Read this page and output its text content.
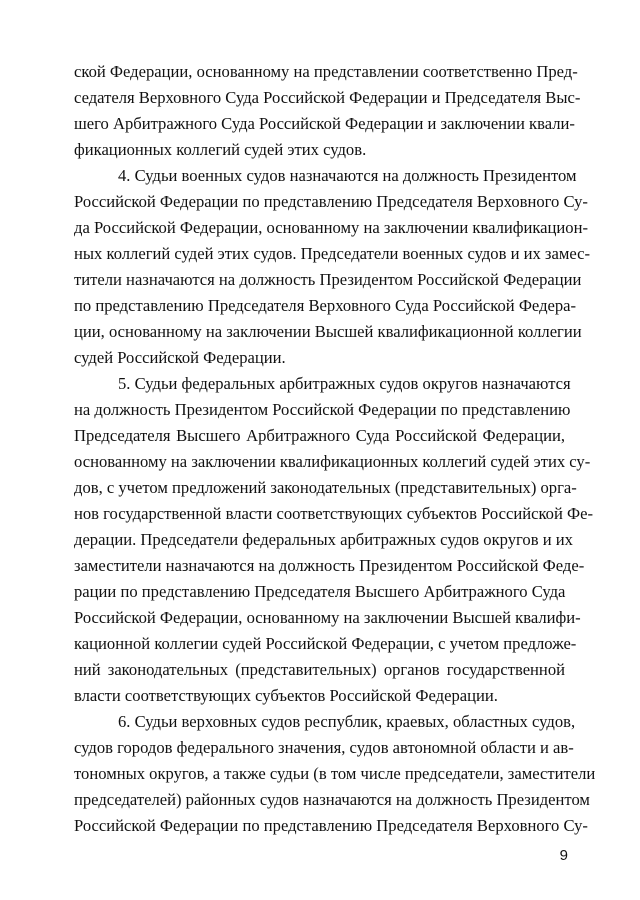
ской Федерации, основанному на представлении соответственно Пред-
седателя Верховного Суда Российской Федерации и Председателя Выс-
шего Арбитражного Суда Российской Федерации и заключении квали-
фикационных коллегий судей этих судов.
4. Судьи военных судов назначаются на должность Президентом
Российской Федерации по представлению Председателя Верховного Су-
да Российской Федерации, основанному на заключении квалификацион-
ных коллегий судей этих судов. Председатели военных судов и их замес-
тители назначаются на должность Президентом Российской Федерации
по представлению Председателя Верховного Суда Российской Федера-
ции, основанному на заключении Высшей квалификационной коллегии
судей Российской Федерации.
5. Судьи федеральных арбитражных судов округов назначаются
на должность Президентом Российской Федерации по представлению
Председателя Высшего Арбитражного Суда Российской Федерации,
основанному на заключении квалификационных коллегий судей этих су-
дов, с учетом предложений законодательных (представительных) орга-
нов государственной власти соответствующих субъектов Российской Фе-
дерации. Председатели федеральных арбитражных судов округов и их
заместители назначаются на должность Президентом Российской Феде-
рации по представлению Председателя Высшего Арбитражного Суда
Российской Федерации, основанному на заключении Высшей квалифи-
кационной коллегии судей Российской Федерации, с учетом предложе-
ний законодательных (представительных) органов государственной
власти соответствующих субъектов Российской Федерации.
6. Судьи верховных судов республик, краевых, областных судов,
судов городов федерального значения, судов автономной области и ав-
тономных округов, а также судьи (в том числе председатели, заместители
председателей) районных судов назначаются на должность Президентом
Российской Федерации по представлению Председателя Верховного Су-
9
